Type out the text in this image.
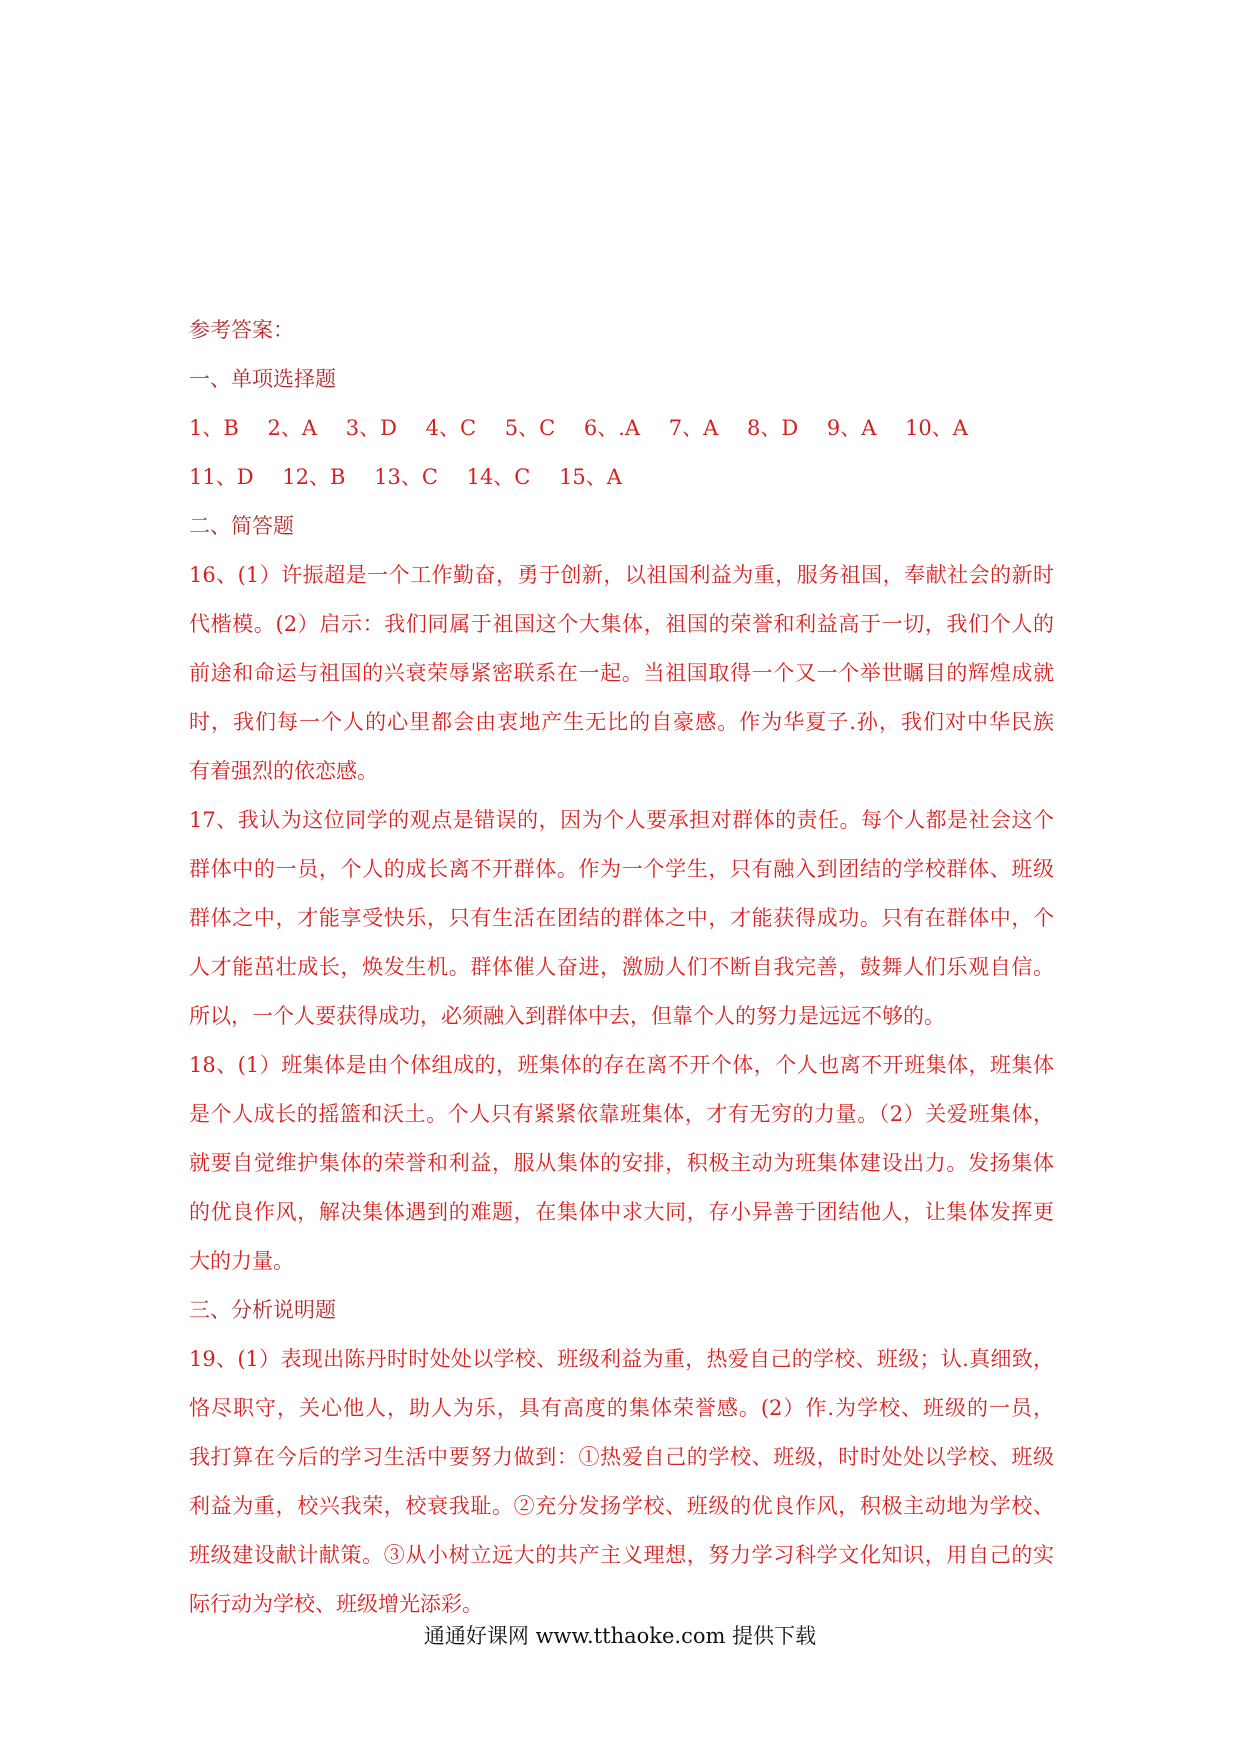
参考答案：
一、单项选择题
1、B 2、A 3、D 4、C 5、C 6、.A 7、A 8、D 9、A 10、A
11、D 12、B 13、C 14、C 15、A
二、简答题
16、(1）许振超是一个工作勤奋，勇于创新，以祖国利益为重，服务祖国，奉献社会的新时
代楷模。(2）启示：我们同属于祖国这个大集体，祖国的荣誉和利益高于一切，我们个人的
前途和命运与祖国的兴衰荣辱紧密联系在一起。当祖国取得一个又一个举世瞩目的辉煌成就
时，我们每一个人的心里都会由衷地产生无比的自豪感。作为华夏子.孙，我们对中华民族
有着强烈的依恋感。
17、我认为这位同学的观点是错误的，因为个人要承担对群体的责任。每个人都是社会这个
群体中的一员，个人的成长离不开群体。作为一个学生，只有融入到团结的学校群体、班级
群体之中，才能享受快乐，只有生活在团结的群体之中，才能获得成功。只有在群体中，个
人才能茁壮成长，焕发生机。群体催人奋进，激励人们不断自我完善，鼓舞人们乐观自信。
所以，一个人要获得成功，必须融入到群体中去，但靠个人的努力是远远不够的。
18、(1）班集体是由个体组成的，班集体的存在离不开个体，个人也离不开班集体，班集体
是个人成长的摇篮和沃土。个人只有紧紧依靠班集体，才有无穷的力量。（2）关爱班集体，
就要自觉维护集体的荣誉和利益，服从集体的安排，积极主动为班集体建设出力。发扬集体
的优良作风，解决集体遇到的难题，在集体中求大同，存小异善于团结他人，让集体发挥更
大的力量。
三、分析说明题
19、(1）表现出陈丹时时处处以学校、班级利益为重，热爱自己的学校、班级；认.真细致，
恪尽职守，关心他人，助人为乐，具有高度的集体荣誉感。(2）作.为学校、班级的一员，
我打算在今后的学习生活中要努力做到：①热爱自己的学校、班级，时时处处以学校、班级
利益为重，校兴我荣，校衰我耻。②充分发扬学校、班级的优良作风，积极主动地为学校、
班级建设献计献策。③从小树立远大的共产主义理想，努力学习科学文化知识，用自己的实
际行动为学校、班级增光添彩。
通通好课网 www.tthaoke.com 提供下载
